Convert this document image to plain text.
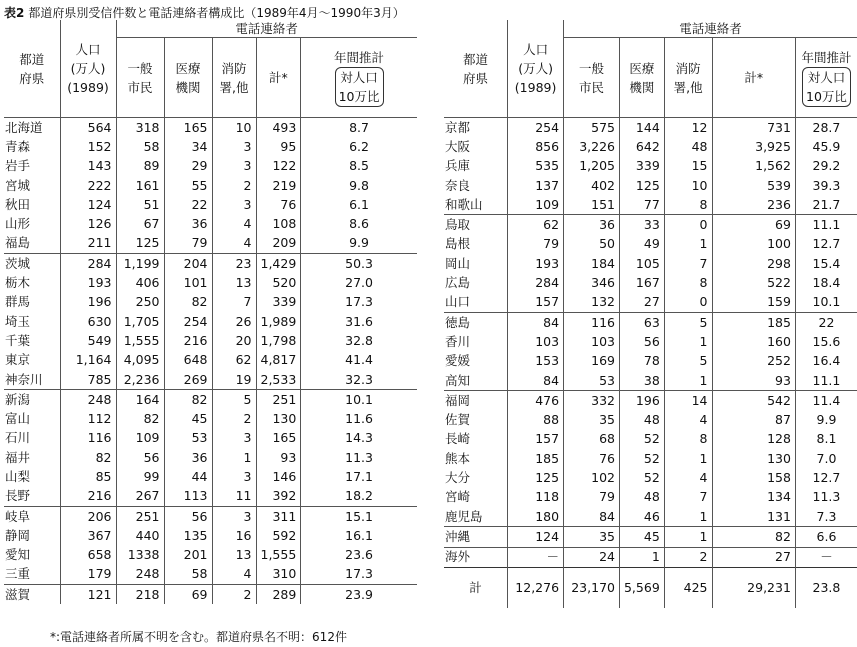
表2 都道府県別受信件数と電話連絡者構成比（1989年4月～1990年3月）
都道
府県	人口
(万人)
(1989)	電話連絡者				
		一般
市民	医療
機関	消防
署,他	計*	年間推計
対人口
10万比
北海道	564	318	165	10	493	8.7
青森	152	58	34	3	95	6.2
岩手	143	89	29	3	122	8.5
宮城	222	161	55	2	219	9.8
秋田	124	51	22	3	76	6.1
山形	126	67	36	4	108	8.6
福島	211	125	79	4	209	9.9
茨城	284	1,199	204	23	1,429	50.3
栃木	193	406	101	13	520	27.0
群馬	196	250	82	7	339	17.3
埼玉	630	1,705	254	26	1,989	31.6
千葉	549	1,555	216	20	1,798	32.8
東京	1,164	4,095	648	62	4,817	41.4
神奈川	785	2,236	269	19	2,533	32.3
新潟	248	164	82	5	251	10.1
富山	112	82	45	2	130	11.6
石川	116	109	53	3	165	14.3
福井	82	56	36	1	93	11.3
山梨	85	99	44	3	146	17.1
長野	216	267	113	11	392	18.2
岐阜	206	251	56	3	311	15.1
静岡	367	440	135	16	592	16.1
愛知	658	1338	201	13	1,555	23.6
三重	179	248	58	4	310	17.3
滋賀	121	218	69	2	289	23.9
都道
府県	人口
(万人)
(1989)	電話連絡者				
		一般
市民	医療
機関	消防
署,他	計*	年間推計
対人口
10万比
京都	254	575	144	12	731	28.7
大阪	856	3,226	642	48	3,925	45.9
兵庫	535	1,205	339	15	1,562	29.2
奈良	137	402	125	10	539	39.3
和歌山	109	151	77	8	236	21.7
鳥取	62	36	33	0	69	11.1
島根	79	50	49	1	100	12.7
岡山	193	184	105	7	298	15.4
広島	284	346	167	8	522	18.4
山口	157	132	27	0	159	10.1
徳島	84	116	63	5	185	22
香川	103	103	56	1	160	15.6
愛媛	153	169	78	5	252	16.4
高知	84	53	38	1	93	11.1
福岡	476	332	196	14	542	11.4
佐賀	88	35	48	4	87	9.9
長崎	157	68	52	8	128	8.1
熊本	185	76	52	1	130	7.0
大分	125	102	52	4	158	12.7
宮崎	118	79	48	7	134	11.3
鹿児島	180	84	46	1	131	7.3
沖縄	124	35	45	1	82	6.6
海外	－	24	1	2	27	－
計	12,276	23,170	5,569	425	29,231	23.8
*:電話連絡者所属不明を含む。都道府県名不明：612件
